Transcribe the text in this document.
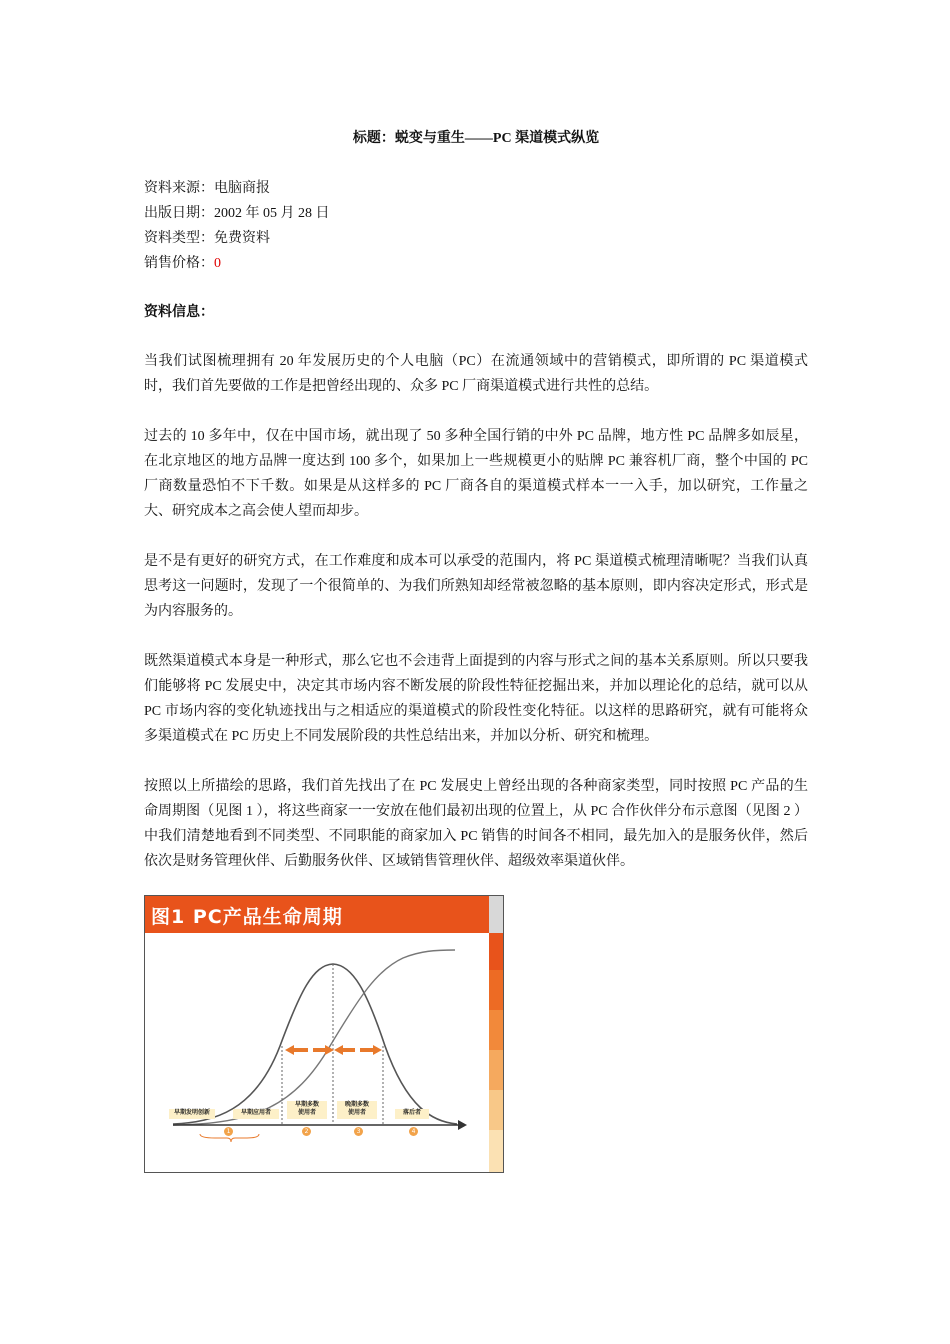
标题：蜕变与重生——PC 渠道模式纵览
资料来源：电脑商报
出版日期：2002 年 05 月 28 日
资料类型：免费资料
销售价格：0
资料信息：

当我们试图梳理拥有 20 年发展历史的个人电脑（PC）在流通领域中的营销模式，即所谓的 PC 渠道模式时，我们首先要做的工作是把曾经出现的、众多 PC 厂商渠道模式进行共性的总结。

过去的 10 多年中，仅在中国市场，就出现了 50 多种全国行销的中外 PC 品牌，地方性 PC 品牌多如辰星，在北京地区的地方品牌一度达到 100 多个，如果加上一些规模更小的贴牌 PC 兼容机厂商，整个中国的 PC 厂商数量恐怕不下千数。如果是从这样多的 PC 厂商各自的渠道模式样本一一入手，加以研究，工作量之大、研究成本之高会使人望而却步。

是不是有更好的研究方式，在工作难度和成本可以承受的范围内，将 PC 渠道模式梳理清晰呢？当我们认真思考这一问题时，发现了一个很简单的、为我们所熟知却经常被忽略的基本原则，即内容决定形式，形式是为内容服务的。

既然渠道模式本身是一种形式，那么它也不会违背上面提到的内容与形式之间的基本关系原则。所以只要我们能够将 PC 发展史中，决定其市场内容不断发展的阶段性特征挖掘出来，并加以理论化的总结，就可以从 PC 市场内容的变化轨迹找出与之相适应的渠道模式的阶段性变化特征。以这样的思路研究，就有可能将众多渠道模式在 PC 历史上不同发展阶段的共性总结出来，并加以分析、研究和梳理。

按照以上所描绘的思路，我们首先找出了在 PC 发展史上曾经出现的各种商家类型，同时按照 PC 产品的生命周期图（见图 1 ），将这些商家一一安放在他们最初出现的位置上，从 PC 合作伙伴分布示意图（见图 2 ）中我们清楚地看到不同类型、不同职能的商家加入 PC 销售的时间各不相同，最先加入的是服务伙伴，然后依次是财务管理伙伴、后勤服务伙伴、区域销售管理伙伴、超级效率渠道伙伴。

图1 PC产品生命周期
早期发明创新	早期应用者
早期多数
使用者
晚期多数
使用者	落后者
1	2	3	4
